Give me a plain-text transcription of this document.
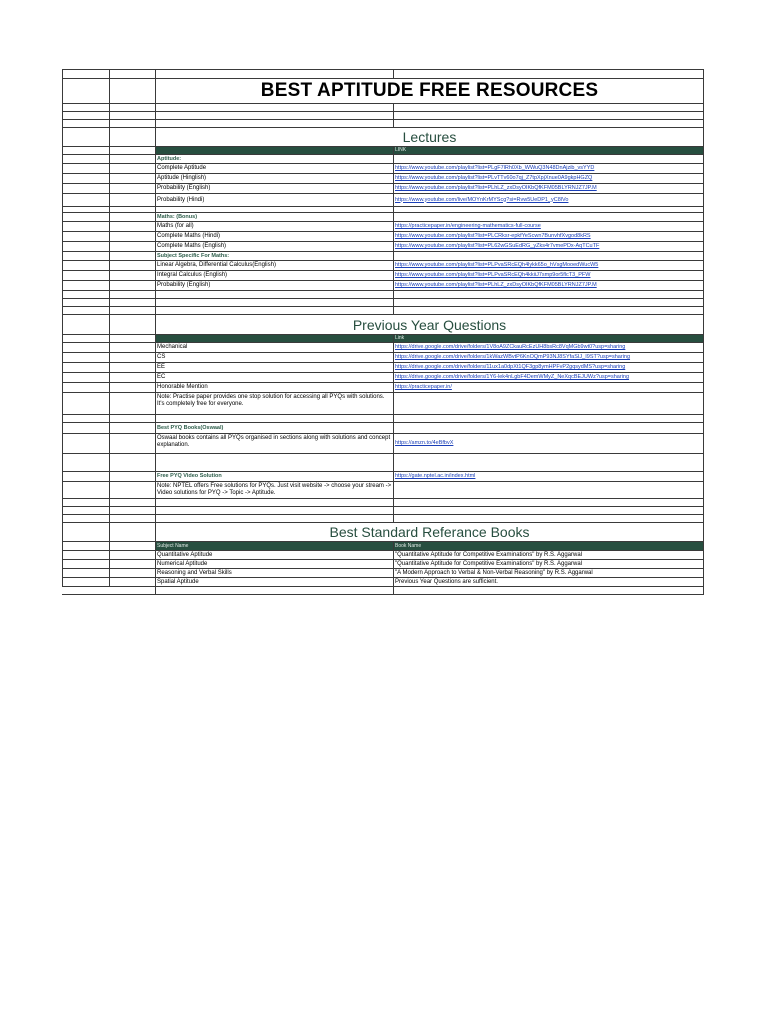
BEST APTITUDE FREE RESOURCES
Lectures
LINK
Aptitude:
Complete Aptitude	https://www.youtube.com/playlist?list=PLgF7lRh0Xb_WWuQ3N48DnAjzib_vsYYD
Aptitude (Hinglish)	https://www.youtube.com/playlist?list=PLvTTv60o7qj_Z7tpXpjXnue0A9gkpHGZQ
Probability (English)	https://www.youtube.com/playlist?list=PLhLZ_zxDsyOIKbQfKFM05BLYRNJZ7JP.M
Probability (Hindi)	https://www.youtube.com/live/MOYnKrMYScg?si=Rvw5UeDP1_yC8lVo
Maths: (Bonus)
Maths (for all)	https://practicepaper.in/engineering-mathematics-full-course
Complete Maths (Hindi)	https://www.youtube.com/playlist?list=PLCRksr-epkfYeScwn7BunvhfXvgod8kRS
Complete Maths (English)	https://www.youtube.com/playlist?list=PL62wGSuEdRG_yZks4r7vmePDx-AqTCuTF
Subject Specific For Maths:
Linear Algebra, Differential Calculus(English)	https://www.youtube.com/playlist?list=PLPvaSRcEQh4lykk65o_hVsgMooedWucW5
Integral Calculus (English)	https://www.youtube.com/playlist?list=PLPvaSRcEQh4kkiiJ7smp9or5flcT3_PFW
Probability (English)	https://www.youtube.com/playlist?list=PLhLZ_zxDsyOIKbQfKFM05BLYRNJZ7JP.M
Previous Year Questions
Link
Mechanical	https://drive.google.com/drive/folders/1V8oA9ZCkauRcEzUH8bsRc8VqMGb9wt0?usp=sharing
CS	https://drive.google.com/drive/folders/1kWazWBvtP6KnOQmP93NJ8SYfaSIJ_I9ST?usp=sharing
EE	https://drive.google.com/drive/folders/11ux1a0dpXt1QF3gp8ymHPFvP2gqsydMS?usp=sharing
EC	https://drive.google.com/drive/folders/1Y6-lek4nLgbF4DemWMyZ_NeXqcBEJUWz?usp=sharing
Honorable Mention	https://practicepaper.in/
Note: Practise paper provides one stop solution for accessing all PYQs with solutions. It's completely free for everyone.
Best PYQ Books(Oswaal)
Oswaal books contains all PYQs organised in sections along with solutions and concept explanation.	https://amzn.to/4eBfbvX
Free PYQ Video Solution	https://gate.nptel.ac.in/index.html
Note: NPTEL offers Free solutions for PYQs. Just visit website -> choose your stream -> Video solutions for PYQ -> Topic -> Aptitude.
Best Standard Referance Books
Subject Name	Book Name
Quantitative Aptitude	"Quantitative Aptitude for Competitive Examinations" by R.S. Aggarwal
Numerical Aptitude	"Quantitative Aptitude for Competitive Examinations" by R.S. Aggarwal
Reasoning and Verbal Skills	"A Modern Approach to Verbal & Non-Verbal Reasoning" by R.S. Aggarwal
Spatial Aptitude	Previous Year Questions are sufficient.
